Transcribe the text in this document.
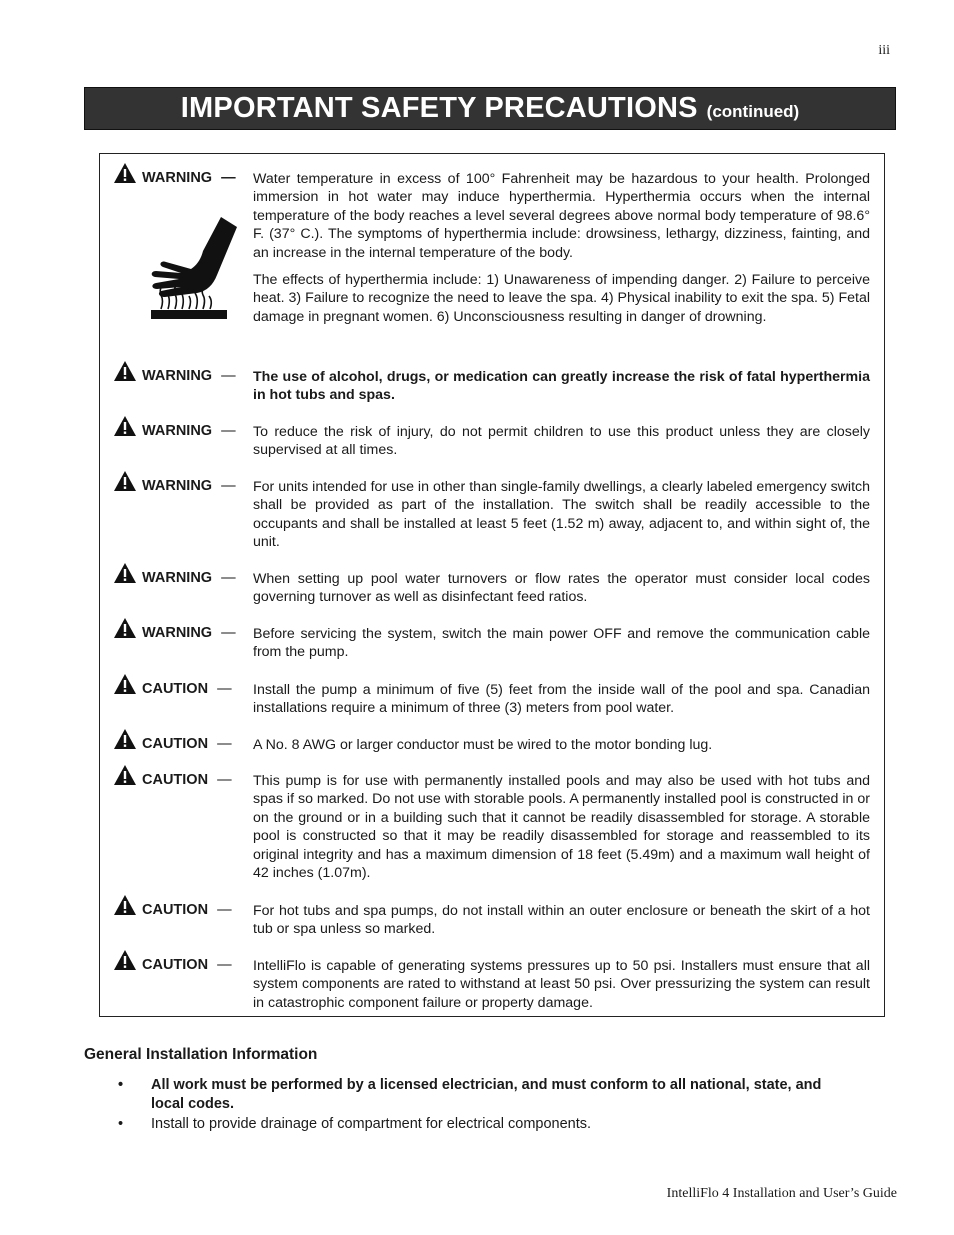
iii
IMPORTANT SAFETY PRECAUTIONS (continued)
WARNING — Water temperature in excess of 100° Fahrenheit may be hazardous to your health. Prolonged immersion in hot water may induce hyperthermia. Hyperthermia occurs when the internal temperature of the body reaches a level several degrees above normal body temperature of 98.6° F. (37° C.). The symptoms of hyperthermia include: drowsiness, lethargy, dizziness, fainting, and an increase in the internal temperature of the body.

The effects of hyperthermia include: 1) Unawareness of impending danger. 2) Failure to perceive heat. 3) Failure to recognize the need to leave the spa. 4) Physical inability to exit the spa. 5) Fetal damage in pregnant women. 6) Unconsciousness resulting in danger of drowning.

WARNING — The use of alcohol, drugs, or medication can greatly increase the risk of fatal hyperthermia in hot tubs and spas.
WARNING — To reduce the risk of injury, do not permit children to use this product unless they are closely supervised at all times.
WARNING — For units intended for use in other than single-family dwellings, a clearly labeled emergency switch shall be provided as part of the installation. The switch shall be readily accessible to the occupants and shall be installed at least 5 feet (1.52 m) away, adjacent to, and within sight of, the unit.
WARNING — When setting up pool water turnovers or flow rates the operator must consider local codes governing turnover as well as disinfectant feed ratios.
WARNING — Before servicing the system, switch the main power OFF and remove the communication cable from the pump.
CAUTION — Install the pump a minimum of five (5) feet from the inside wall of the pool and spa. Canadian installations require a minimum of three (3) meters from pool water.
CAUTION — A No. 8 AWG or larger conductor must be wired to the motor bonding lug.
CAUTION — This pump is for use with permanently installed pools and may also be used with hot tubs and spas if so marked. Do not use with storable pools. A permanently installed pool is constructed in or on the ground or in a building such that it cannot be readily disassembled for storage. A storable pool is constructed so that it may be readily disassembled for storage and reassembled to its original integrity and has a maximum dimension of 18 feet (5.49m) and a maximum wall height of 42 inches (1.07m).
CAUTION — For hot tubs and spa pumps, do not install within an outer enclosure or beneath the skirt of a hot tub or spa unless so marked.
CAUTION — IntelliFlo is capable of generating systems pressures up to 50 psi. Installers must ensure that all system components are rated to withstand at least 50 psi. Over pressurizing the system can result in catastrophic component failure or property damage.
General Installation Information
•	All work must be performed by a licensed electrician, and must conform to all national, state, and local codes.
•	Install to provide drainage of compartment for electrical components.
IntelliFlo 4 Installation and User’s Guide
